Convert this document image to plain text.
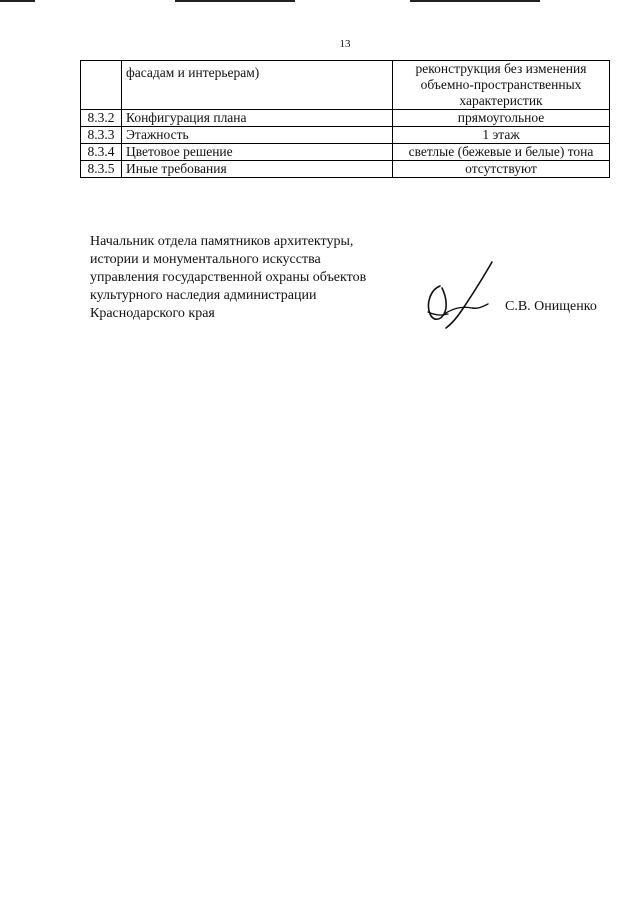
13
	фасадам и интерьерам)	реконструкция без изменения
объемно-пространственных
характеристик

8.3.2	Конфигурация плана	прямоугольное
8.3.3	Этажность	1 этаж
8.3.4	Цветовое решение	светлые (бежевые и белые) тона
8.3.5	Иные требования	отсутствуют
Начальник отдела памятников архитектуры,
истории и монументального искусства
управления государственной охраны объектов
культурного наследия администрации
Краснодарского края	С.В. Онищенко
